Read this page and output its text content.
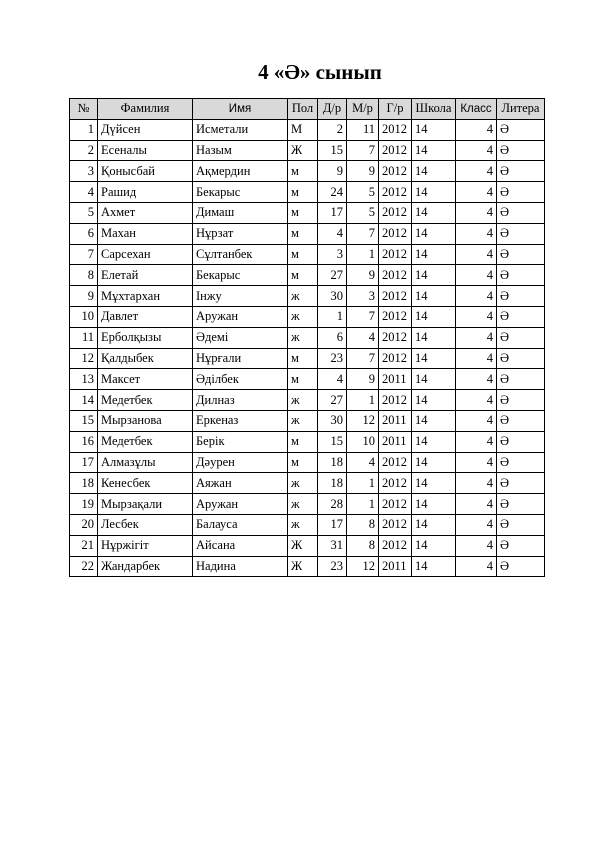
4 «Ә» сынып
№	Фамилия	Имя	Пол	Д/р	М/р	Г/р	Школа	Класс	Литера
1	Дүйсен	Исметали	М	2	11	2012	14	4	Ә
2	Есеналы	Назым	Ж	15	7	2012	14	4	Ә
3	Қонысбай	Ақмердин	м	9	9	2012	14	4	Ә
4	Рашид	Бекарыс	м	24	5	2012	14	4	Ә
5	Ахмет	Димаш	м	17	5	2012	14	4	Ә
6	Махан	Нұрзат	м	4	7	2012	14	4	Ә
7	Сарсехан	Сұлтанбек	м	3	1	2012	14	4	Ә
8	Елетай	Бекарыс	м	27	9	2012	14	4	Ә
9	Мұхтархан	Інжу	ж	30	3	2012	14	4	Ә
10	Давлет	Аружан	ж	1	7	2012	14	4	Ә
11	Ерболқызы	Әдемі	ж	6	4	2012	14	4	Ә
12	Қалдыбек	Нұрғали	м	23	7	2012	14	4	Ә
13	Максет	Әділбек	м	4	9	2011	14	4	Ә
14	Медетбек	Дилназ	ж	27	1	2012	14	4	Ә
15	Мырзанова	Еркеназ	ж	30	12	2011	14	4	Ә
16	Медетбек	Берік	м	15	10	2011	14	4	Ә
17	Алмазұлы	Дәурен	м	18	4	2012	14	4	Ә
18	Кенесбек	Аяжан	ж	18	1	2012	14	4	Ә
19	Мырзақали	Аружан	ж	28	1	2012	14	4	Ә
20	Лесбек	Балауса	ж	17	8	2012	14	4	Ә
21	Нұржігіт	Айсана	Ж	31	8	2012	14	4	Ә
22	Жандарбек	Надина	Ж	23	12	2011	14	4	Ә
